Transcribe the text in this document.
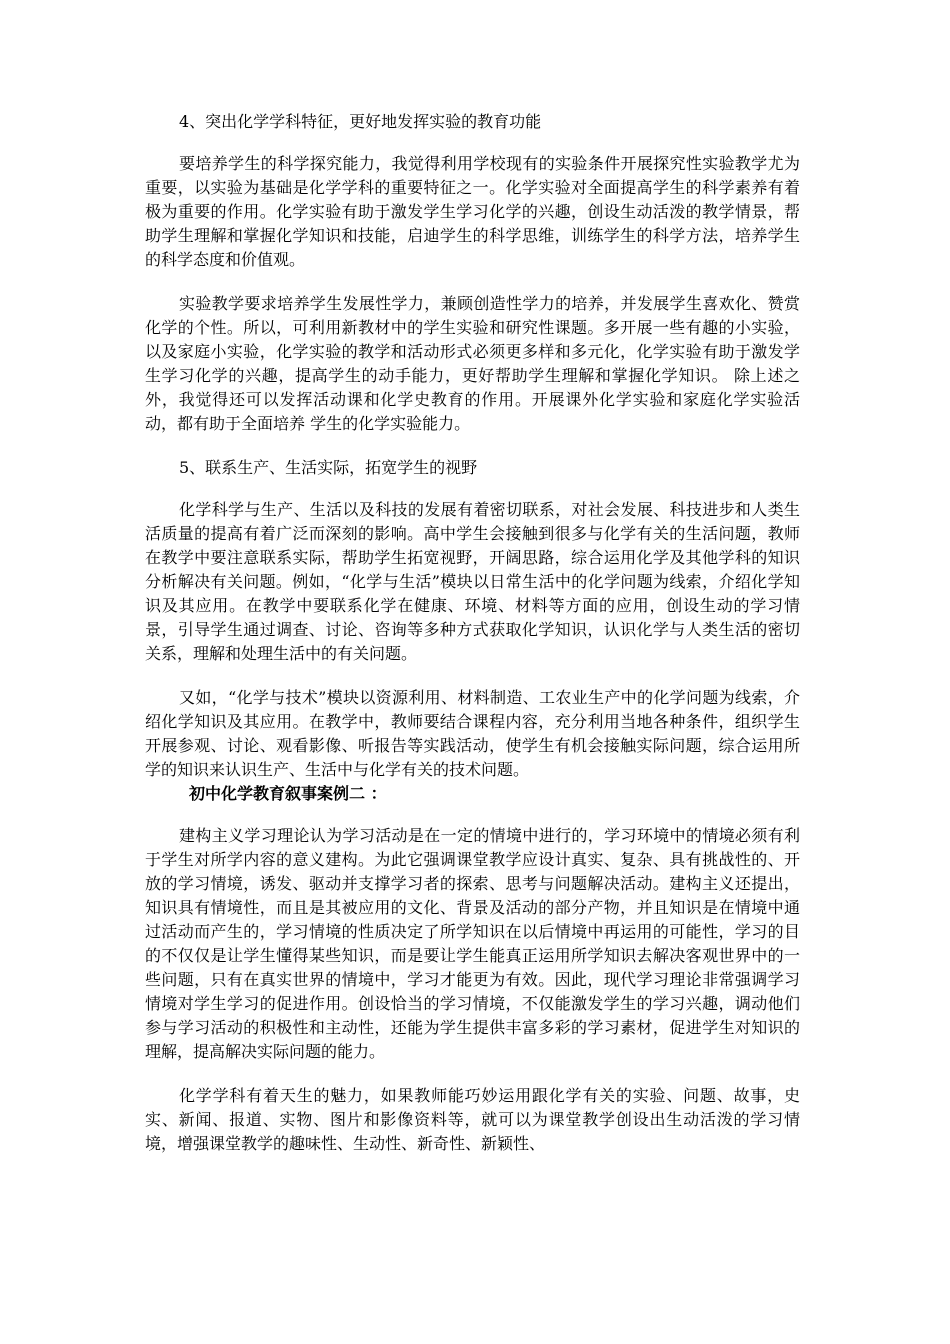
4、突出化学学科特征，更好地发挥实验的教育功能

要培养学生的科学探究能力，我觉得利用学校现有的实验条件开展探究性实验教学尤为重要，以实验为基础是化学学科的重要特征之一。化学实验对全面提高学生的科学素养有着极为重要的作用。化学实验有助于激发学生学习化学的兴趣，创设生动活泼的教学情景，帮助学生理解和掌握化学知识和技能，启迪学生的科学思维，训练学生的科学方法，培养学生的科学态度和价值观。

实验教学要求培养学生发展性学力，兼顾创造性学力的培养，并发展学生喜欢化、赞赏化学的个性。所以，可利用新教材中的学生实验和研究性课题。多开展一些有趣的小实验，以及家庭小实验，化学实验的教学和活动形式必须更多样和多元化，化学实验有助于激发学生学习化学的兴趣，提高学生的动手能力，更好帮助学生理解和掌握化学知识。 除上述之外，我觉得还可以发挥活动课和化学史教育的作用。开展课外化学实验和家庭化学实验活动，都有助于全面培养 学生的化学实验能力。

5、联系生产、生活实际，拓宽学生的视野

化学科学与生产、生活以及科技的发展有着密切联系，对社会发展、科技进步和人类生活质量的提高有着广泛而深刻的影响。高中学生会接触到很多与化学有关的生活问题，教师在教学中要注意联系实际，帮助学生拓宽视野，开阔思路，综合运用化学及其他学科的知识分析解决有关问题。例如，“化学与生活”模块以日常生活中的化学问题为线索，介绍化学知识及其应用。在教学中要联系化学在健康、环境、材料等方面的应用，创设生动的学习情景，引导学生通过调查、讨论、咨询等多种方式获取化学知识，认识化学与人类生活的密切关系，理解和处理生活中的有关问题。

又如，“化学与技术”模块以资源利用、材料制造、工农业生产中的化学问题为线索，介绍化学知识及其应用。在教学中，教师要结合课程内容，充分利用当地各种条件，组织学生开展参观、讨论、观看影像、听报告等实践活动，使学生有机会接触实际问题，综合运用所学的知识来认识生产、生活中与化学有关的技术问题。

初中化学教育叙事案例二 ：

建构主义学习理论认为学习活动是在一定的情境中进行的，学习环境中的情境必须有利于学生对所学内容的意义建构。为此它强调课堂教学应设计真实、复杂、具有挑战性的、开放的学习情境，诱发、驱动并支撑学习者的探索、思考与问题解决活动。建构主义还提出，知识具有情境性，而且是其被应用的文化、背景及活动的部分产物，并且知识是在情境中通过活动而产生的，学习情境的性质决定了所学知识在以后情境中再运用的可能性，学习的目的不仅仅是让学生懂得某些知识，而是要让学生能真正运用所学知识去解决客观世界中的一些问题，只有在真实世界的情境中，学习才能更为有效。因此，现代学习理论非常强调学习情境对学生学习的促进作用。创设恰当的学习情境，不仅能激发学生的学习兴趣，调动他们参与学习活动的积极性和主动性，还能为学生提供丰富多彩的学习素材，促进学生对知识的理解，提高解决实际问题的能力。

化学学科有着天生的魅力，如果教师能巧妙运用跟化学有关的实验、问题、故事，史实、新闻、报道、实物、图片和影像资料等，就可以为课堂教学创设出生动活泼的学习情境，增强课堂教学的趣味性、生动性、新奇性、新颖性、
